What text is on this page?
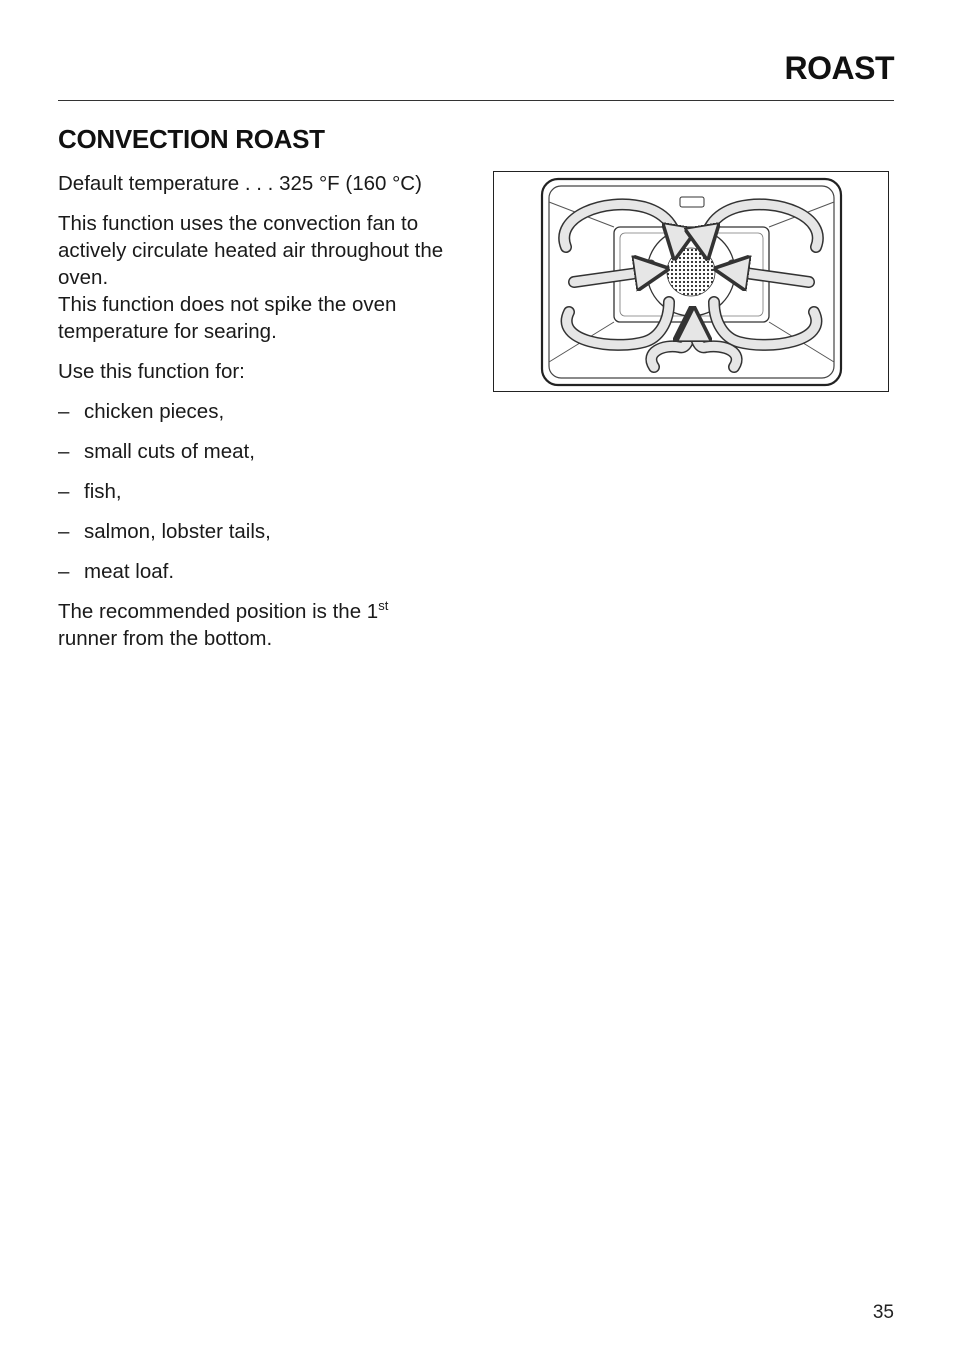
ROAST
CONVECTION ROAST

Default temperature . . . 325 °F (160 °C)

This function uses the convection fan to actively circulate heated air throughout the oven.
This function does not spike the oven temperature for searing.

Use this function for:

– chicken pieces,
– small cuts of meat,
– fish,
– salmon, lobster tails,
– meat loaf.

The recommended position is the 1st
runner from the bottom.

35
